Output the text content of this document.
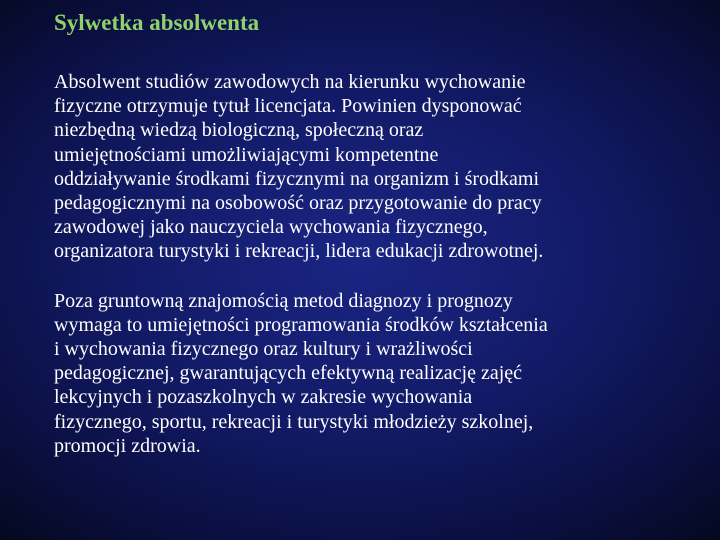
Sylwetka absolwenta

Absolwent studiów zawodowych na kierunku wychowanie
fizyczne otrzymuje tytuł licencjata. Powinien dysponować
niezbędną wiedzą biologiczną, społeczną oraz
umiejętnościami umożliwiającymi kompetentne
oddziaływanie środkami fizycznymi na organizm i środkami
pedagogicznymi na osobowość oraz przygotowanie do pracy
zawodowej jako nauczyciela wychowania fizycznego,
organizatora turystyki i rekreacji, lidera edukacji zdrowotnej.

Poza gruntowną znajomością metod diagnozy i prognozy
wymaga to umiejętności programowania środków kształcenia
i wychowania fizycznego oraz kultury i wrażliwości
pedagogicznej, gwarantujących efektywną realizację zajęć
lekcyjnych i pozaszkolnych w zakresie wychowania
fizycznego, sportu, rekreacji i turystyki młodzieży szkolnej,
promocji zdrowia.
